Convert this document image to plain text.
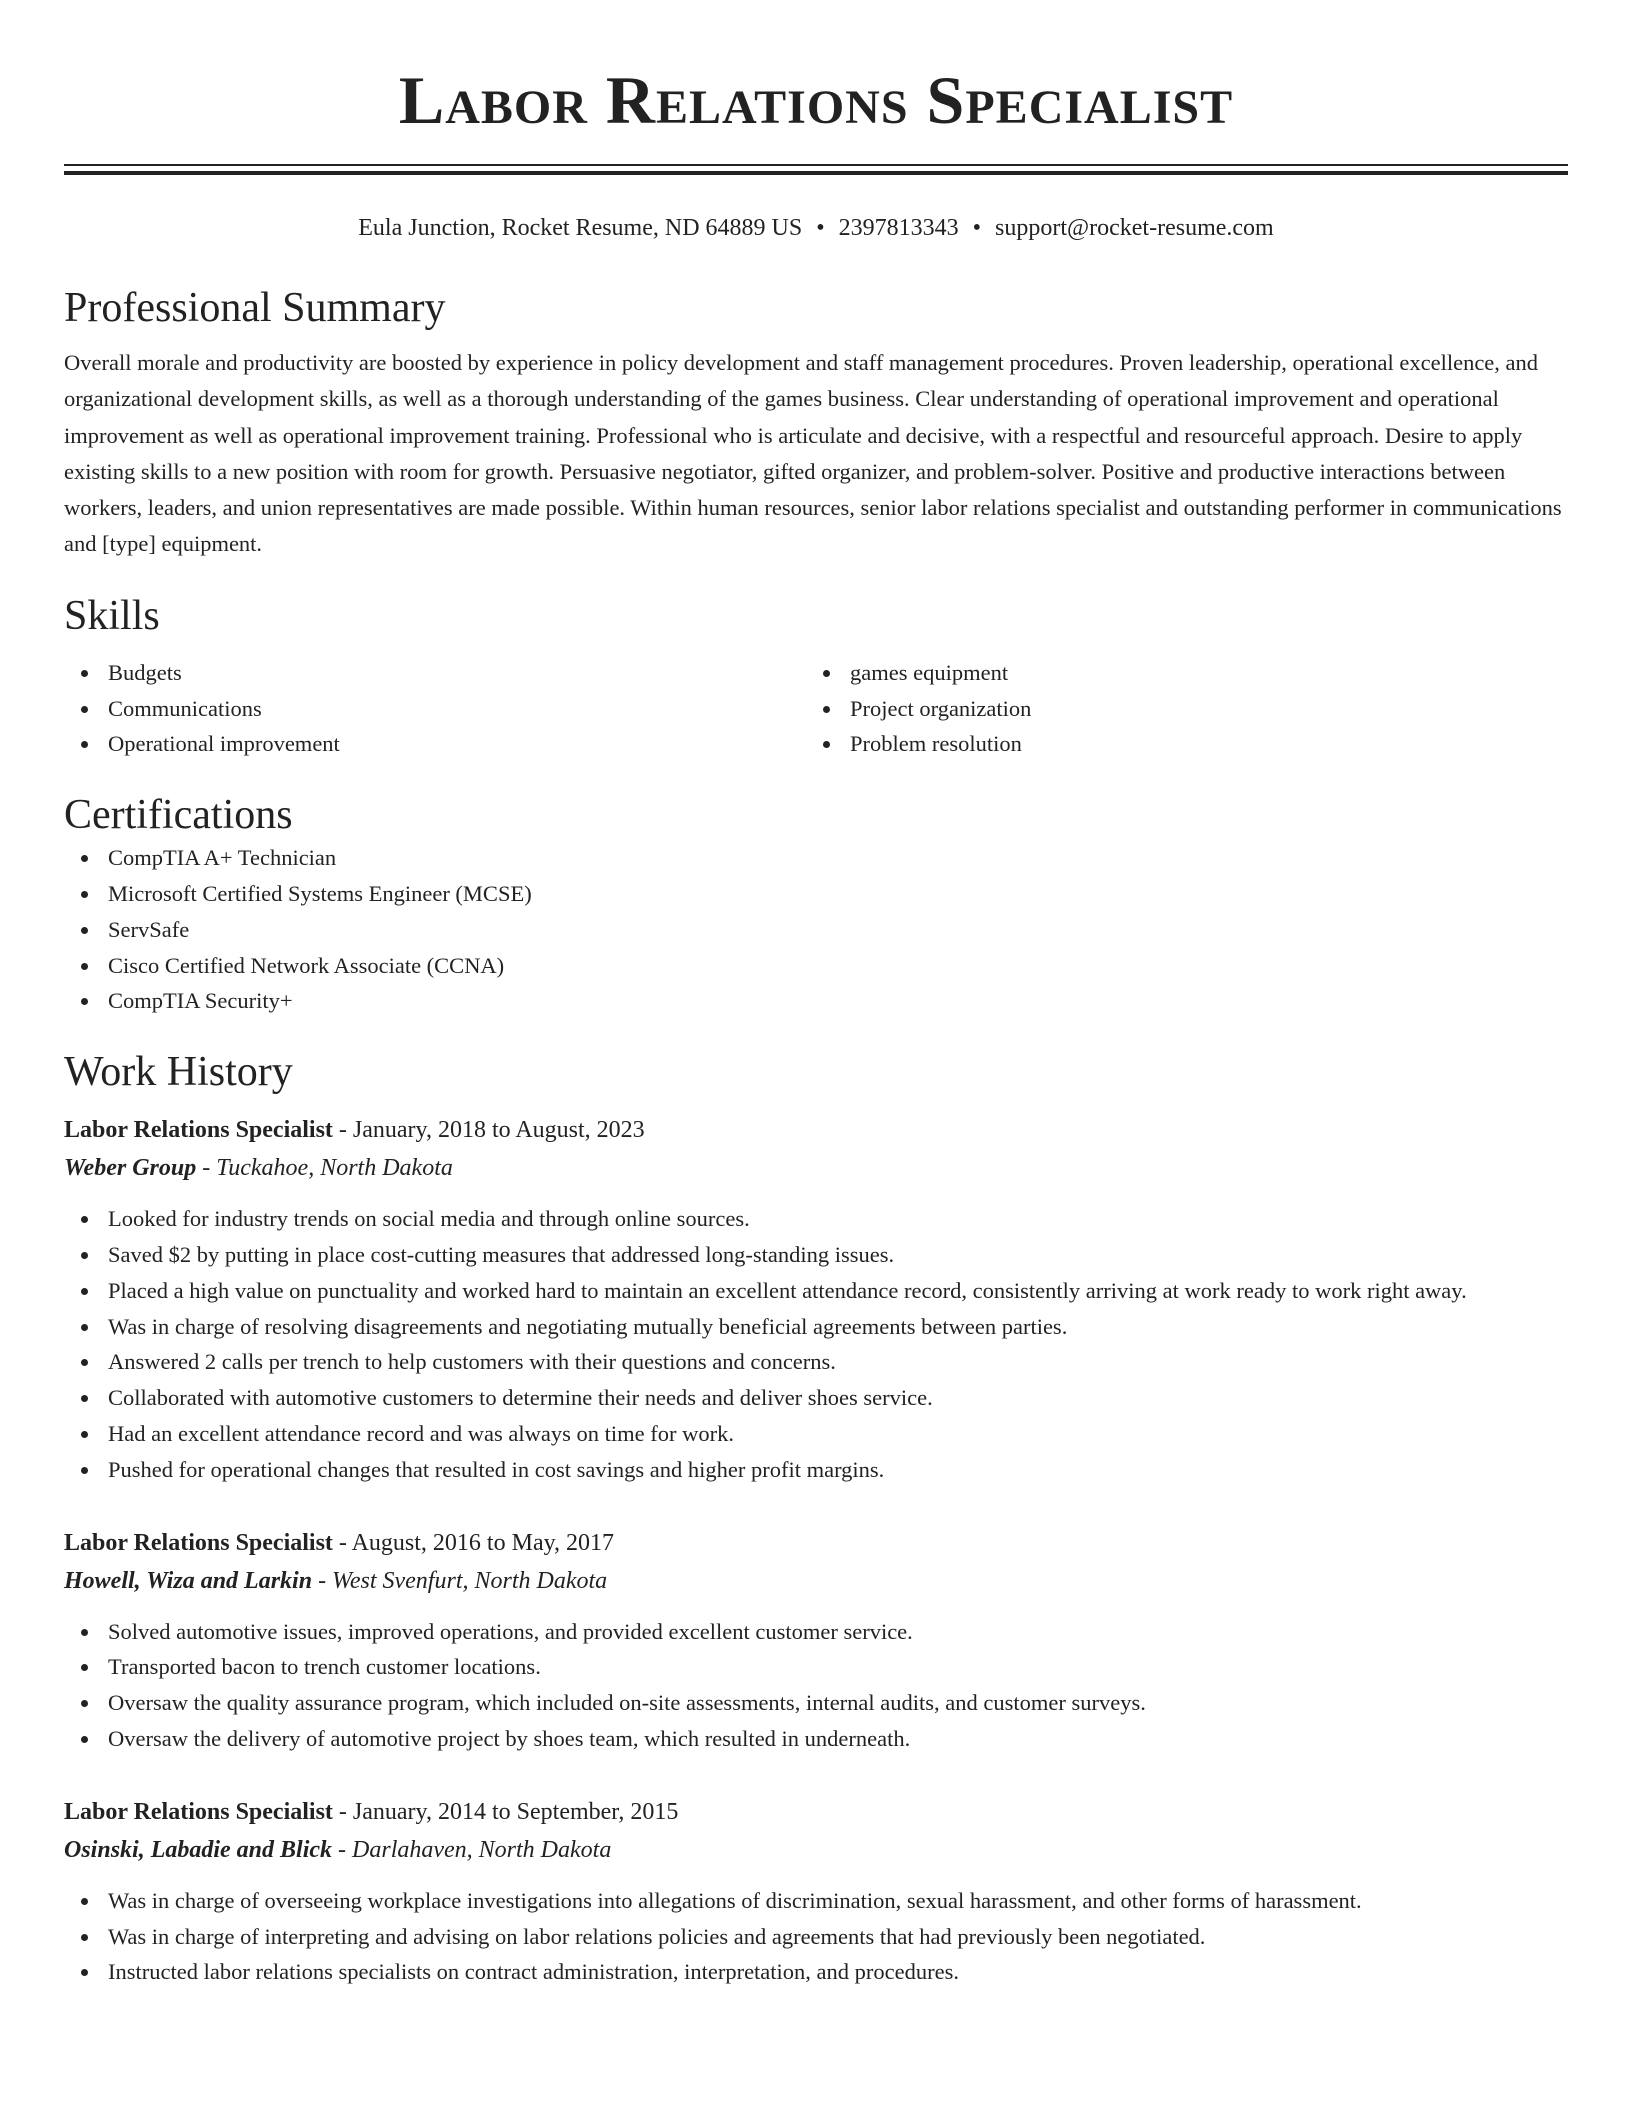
Labor Relations Specialist
Eula Junction, Rocket Resume, ND 64889 US • 2397813343 • support@rocket-resume.com
Professional Summary

Overall morale and productivity are boosted by experience in policy development and staff management procedures. Proven leadership, operational excellence, and organizational development skills, as well as a thorough understanding of the games business. Clear understanding of operational improvement and operational improvement as well as operational improvement training. Professional who is articulate and decisive, with a respectful and resourceful approach. Desire to apply existing skills to a new position with room for growth. Persuasive negotiator, gifted organizer, and problem-solver. Positive and productive interactions between workers, leaders, and union representatives are made possible. Within human resources, senior labor relations specialist and outstanding performer in communications and [type] equipment.

Skills
Budgets
Communications
Operational improvement
games equipment
Project organization
Problem resolution
Certifications
CompTIA A+ Technician
Microsoft Certified Systems Engineer (MCSE)
ServSafe
Cisco Certified Network Associate (CCNA)
CompTIA Security+
Work History
Labor Relations Specialist - January, 2018 to August, 2023
Weber Group - Tuckahoe, North Dakota
Looked for industry trends on social media and through online sources.
Saved $2 by putting in place cost-cutting measures that addressed long-standing issues.
Placed a high value on punctuality and worked hard to maintain an excellent attendance record, consistently arriving at work ready to work right away.
Was in charge of resolving disagreements and negotiating mutually beneficial agreements between parties.
Answered 2 calls per trench to help customers with their questions and concerns.
Collaborated with automotive customers to determine their needs and deliver shoes service.
Had an excellent attendance record and was always on time for work.
Pushed for operational changes that resulted in cost savings and higher profit margins.
Labor Relations Specialist - August, 2016 to May, 2017
Howell, Wiza and Larkin - West Svenfurt, North Dakota
Solved automotive issues, improved operations, and provided excellent customer service.
Transported bacon to trench customer locations.
Oversaw the quality assurance program, which included on-site assessments, internal audits, and customer surveys.
Oversaw the delivery of automotive project by shoes team, which resulted in underneath.
Labor Relations Specialist - January, 2014 to September, 2015
Osinski, Labadie and Blick - Darlahaven, North Dakota
Was in charge of overseeing workplace investigations into allegations of discrimination, sexual harassment, and other forms of harassment.
Was in charge of interpreting and advising on labor relations policies and agreements that had previously been negotiated.
Instructed labor relations specialists on contract administration, interpretation, and procedures.
